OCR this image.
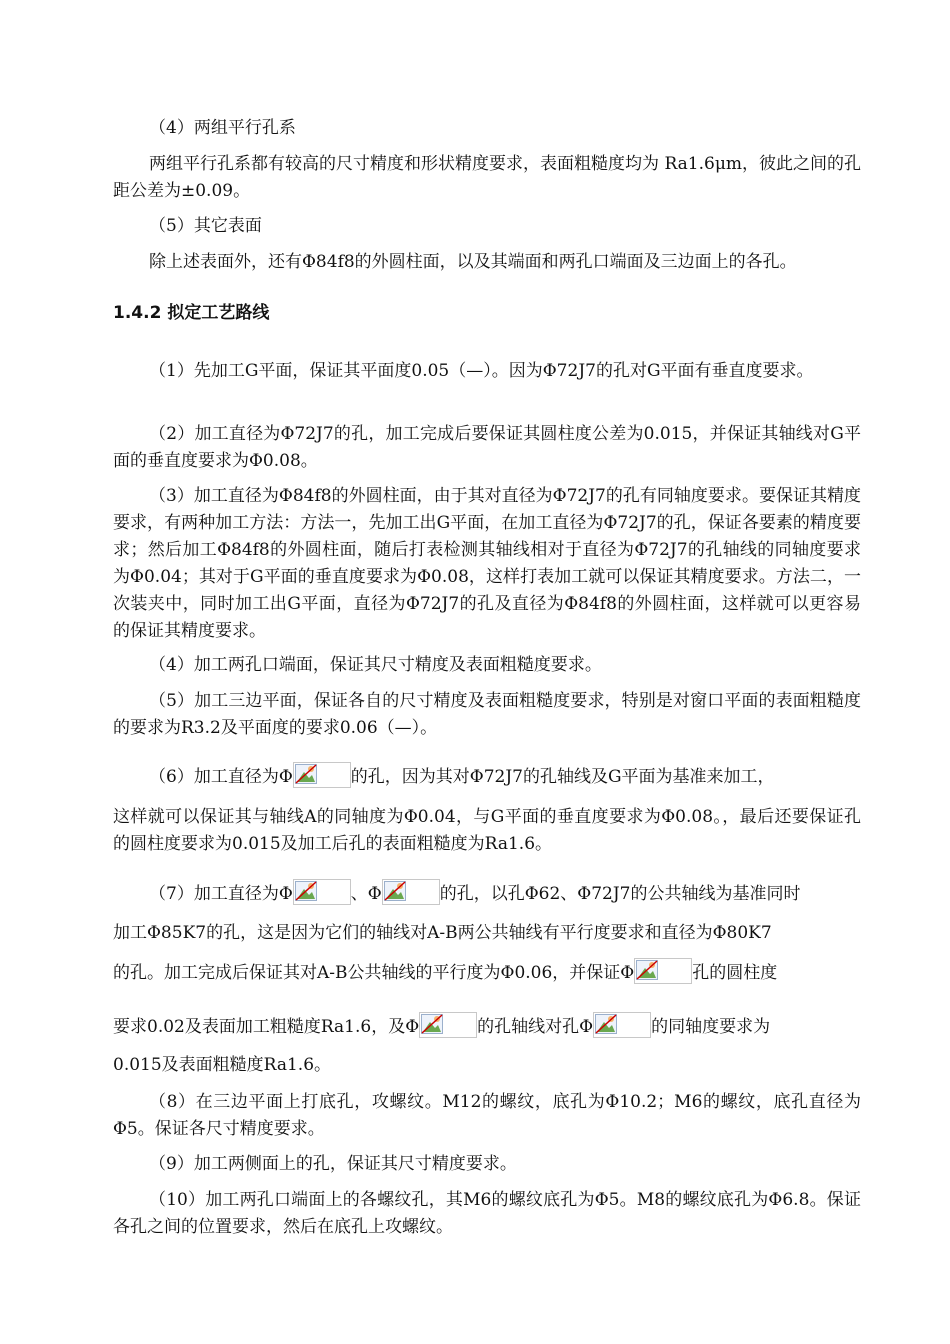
（4）两组平行孔系

两组平行孔系都有较高的尺寸精度和形状精度要求，表面粗糙度均为 Ra1.6μm，彼此之间的孔距公差为±0.09。

（5）其它表面

除上述表面外，还有Φ84f8的外圆柱面，以及其端面和两孔口端面及三边面上的各孔。

1.4.2 拟定工艺路线

（1）先加工G平面，保证其平面度0.05（—）。因为Φ72J7的孔对G平面有垂直度要求。

（2）加工直径为Φ72J7的孔，加工完成后要保证其圆柱度公差为0.015，并保证其轴线对G平面的垂直度要求为Φ0.08。

（3）加工直径为Φ84f8的外圆柱面，由于其对直径为Φ72J7的孔有同轴度要求。要保证其精度要求，有两种加工方法：方法一，先加工出G平面，在加工直径为Φ72J7的孔，保证各要素的精度要求；然后加工Φ84f8的外圆柱面，随后打表检测其轴线相对于直径为Φ72J7的孔轴线的同轴度要求为Φ0.04；其对于G平面的垂直度要求为Φ0.08，这样打表加工就可以保证其精度要求。方法二，一次装夹中，同时加工出G平面，直径为Φ72J7的孔及直径为Φ84f8的外圆柱面，这样就可以更容易的保证其精度要求。

（4）加工两孔口端面，保证其尺寸精度及表面粗糙度要求。

（5）加工三边平面，保证各自的尺寸精度及表面粗糙度要求，特别是对窗口平面的表面粗糙度的要求为R3.2及平面度的要求0.06（—）。

（6）加工直径为Φ	的孔，因为其对Φ72J7的孔轴线及G平面为基准来加工，

这样就可以保证其与轴线A的同轴度为Φ0.04，与G平面的垂直度要求为Φ0.08。，最后还要保证孔的圆柱度要求为0.015及加工后孔的表面粗糙度为Ra1.6。

（7）加工直径为Φ	、Φ	的孔，以孔Φ62、Φ72J7的公共轴线为基准同时

加工Φ85K7的孔，这是因为它们的轴线对A-B两公共轴线有平行度要求和直径为Φ80K7

的孔。加工完成后保证其对A-B公共轴线的平行度为Φ0.06，并保证Φ	孔的圆柱度

要求0.02及表面加工粗糙度Ra1.6，及Φ	的孔轴线对孔Φ	的同轴度要求为

0.015及表面粗糙度Ra1.6。

（8）在三边平面上打底孔，攻螺纹。M12的螺纹，底孔为Φ10.2；M6的螺纹，底孔直径为Φ5。保证各尺寸精度要求。

（9）加工两侧面上的孔，保证其尺寸精度要求。

（10）加工两孔口端面上的各螺纹孔，其M6的螺纹底孔为Φ5。M8的螺纹底孔为Φ6.8。保证各孔之间的位置要求，然后在底孔上攻螺纹。
